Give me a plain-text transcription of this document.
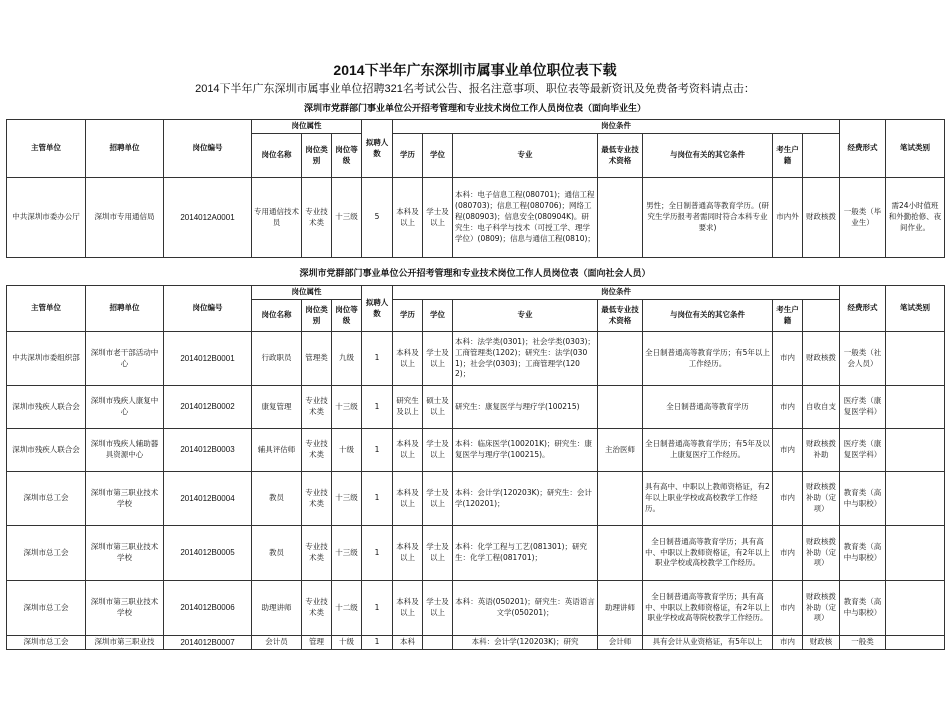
2014下半年广东深圳市属事业单位职位表下载
2014下半年广东深圳市属事业单位招聘321名考试公告、报名注意事项、职位表等最新资讯及免费备考资料请点击：
深圳市党群部门事业单位公开招考管理和专业技术岗位工作人员岗位表（面向毕业生）
主管单位	招聘单位	岗位编号	岗位属性			拟聘人数	岗位条件							经费形式	笔试类别	
			岗位名称	岗位类别	岗位等级		学历	学位	专业	最低专业技术资格	与岗位有关的其它条件	考生户籍				
中共深圳市委办公厅	深圳市专用通信局	2014012A0001	专用通信技术员	专业技术类	十三级	5	本科及以上	学士及以上	本科：电子信息工程(080701)；通信工程(080703)；信息工程(080706)；网络工程(080903)；信息安全(080904K)。研究生：电子科学与技术（可授工学、理学学位）(0809)；信息与通信工程(0810)；		男性；全日制普通高等教育学历。(研究生学历报考者需同时符合本科专业要求)	市内外	财政核拨	一般类（毕业生）	需24小时值班和外勤抢修、夜间作业。	
深圳市党群部门事业单位公开招考管理和专业技术岗位工作人员岗位表（面向社会人员）
主管单位	招聘单位	岗位编号	岗位属性			拟聘人数	岗位条件							经费形式	笔试类别	
			岗位名称	岗位类别	岗位等级		学历	学位	专业	最低专业技术资格	与岗位有关的其它条件	考生户籍				
中共深圳市委组织部	深圳市老干部活动中心	2014012B0001	行政职员	管理类	九级	1	本科及以上	学士及以上	本科：法学类(0301)；社会学类(0303)；工商管理类(1202)；研究生：法学(0301)；社会学(0303)；工商管理学(1202)；		全日制普通高等教育学历；有5年以上工作经历。	市内	财政核拨	一般类（社会人员）		
深圳市残疾人联合会	深圳市残疾人康复中心	2014012B0002	康复管理	专业技术类	十三级	1	研究生及以上	硕士及以上	研究生：康复医学与理疗学(100215)		全日制普通高等教育学历	市内	自收自支	医疗类（康复医学科）		
深圳市残疾人联合会	深圳市残疾人辅助器具资源中心	2014012B0003	辅具评估师	专业技术类	十级	1	本科及以上	学士及以上	本科：临床医学(100201K)；研究生：康复医学与理疗学(100215)。	主治医师	全日制普通高等教育学历；有5年及以上康复医疗工作经历。	市内	财政核拨补助	医疗类（康复医学科）		
深圳市总工会	深圳市第三职业技术学校	2014012B0004	教员	专业技术类	十三级	1	本科及以上	学士及以上	本科：会计学(120203K)；研究生：会计学(120201)；		具有高中、中职以上教师资格证，有2年以上职业学校或高校教学工作经历。	市内	财政核拨补助（定项）	教育类（高中与职校）		
深圳市总工会	深圳市第三职业技术学校	2014012B0005	教员	专业技术类	十三级	1	本科及以上	学士及以上	本科：化学工程与工艺(081301)；研究生：化学工程(081701)；		全日制普通高等教育学历；具有高中、中职以上教师资格证，有2年以上职业学校或高校教学工作经历。	市内	财政核拨补助（定项）	教育类（高中与职校）		
深圳市总工会	深圳市第三职业技术学校	2014012B0006	助理讲师	专业技术类	十二级	1	本科及以上	学士及以上	本科：英语(050201)；研究生：英语语言文学(050201)；	助理讲师	全日制普通高等教育学历；具有高中、中职以上教师资格证，有2年以上职业学校或高等院校教学工作经历。	市内	财政核拨补助（定项）	教育类（高中与职校）		
深圳市总工会	深圳市第三职业技	2014012B0007	会计员	管理	十级	1	本科		本科：会计学(120203K)；研究	会计师	具有会计从业资格证，有5年以上	市内	财政核	一般类		
